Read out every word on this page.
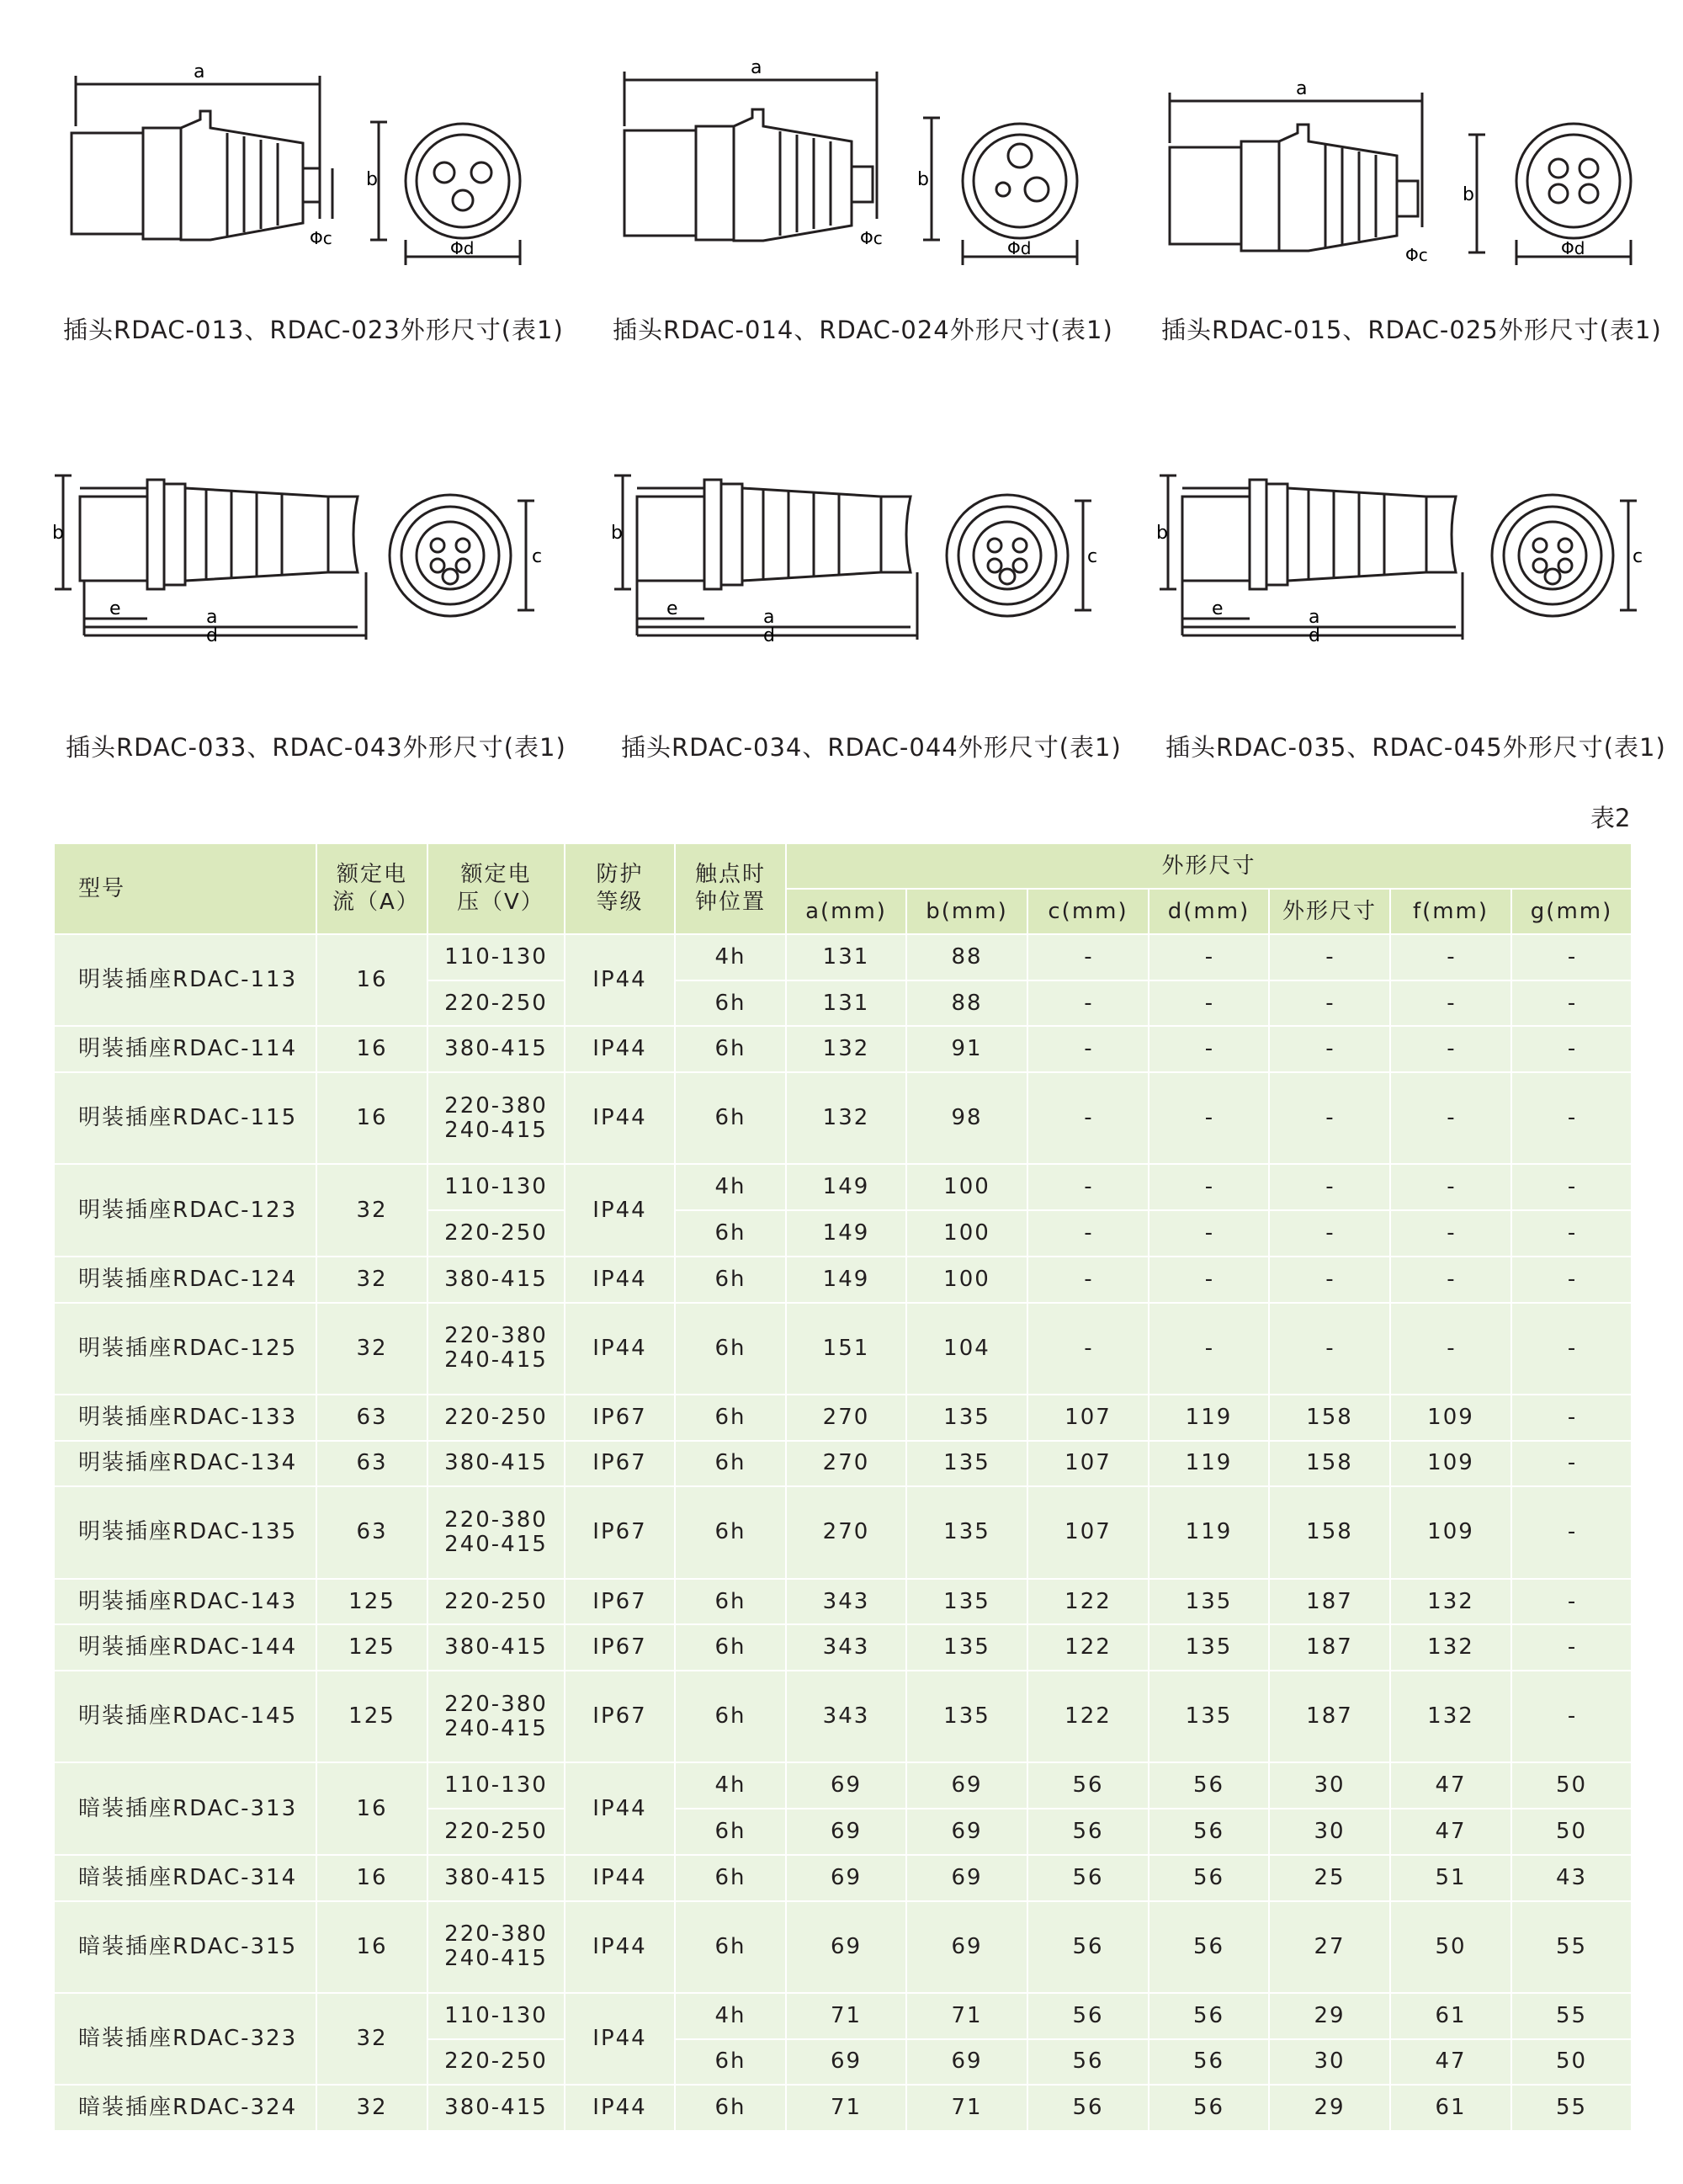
a
b
Φc	Φd
a
b
Φc	Φd
a
b
Φc	Φd
插头RDAC-013、RDAC-023外形尺寸(表1) 插头RDAC-014、RDAC-024外形尺寸(表1) 插头RDAC-015、RDAC-025外形尺寸(表1)
b
e	a
d
c
b
e	a
d
c
b
e	a
d
c
插头RDAC-033、RDAC-043外形尺寸(表1) 插头RDAC-034、RDAC-044外形尺寸(表1) 插头RDAC-035、RDAC-045外形尺寸(表1)
表2
型号	额定电流（A）	额定电压（V）	防护等级	触点时钟位置	外形尺寸						
					a(mm)	b(mm)	c(mm)	d(mm)	外形尺寸	f(mm)	g(mm)
明装插座RDAC-113	16	110-130	IP44	4h	131	88	-	-	-	-	-

		220-250		6h	131	88	-	-	-	-	-
明装插座RDAC-114	16	380-415	IP44	6h	132	91	-	-	-	-	-
明装插座RDAC-115	16	220-380
240-415	IP44	6h	132	98	-	-	-	-	-
明装插座RDAC-123	32	110-130	IP44	4h	149	100	-	-	-	-	-

		220-250		6h	149	100	-	-	-	-	-
明装插座RDAC-124	32	380-415	IP44	6h	149	100	-	-	-	-	-
明装插座RDAC-125	32	220-380
240-415	IP44	6h	151	104	-	-	-	-	-
明装插座RDAC-133	63	220-250	IP67	6h	270	135	107	119	158	109	-
明装插座RDAC-134	63	380-415	IP67	6h	270	135	107	119	158	109	-
明装插座RDAC-135	63	220-380
240-415	IP67	6h	270	135	107	119	158	109	-
明装插座RDAC-143	125	220-250	IP67	6h	343	135	122	135	187	132	-
明装插座RDAC-144	125	380-415	IP67	6h	343	135	122	135	187	132	-
明装插座RDAC-145	125	220-380
240-415	IP67	6h	343	135	122	135	187	132	-
暗装插座RDAC-313	16	110-130	IP44	4h	69	69	56	56	30	47	50

		220-250		6h	69	69	56	56	30	47	50
暗装插座RDAC-314	16	380-415	IP44	6h	69	69	56	56	25	51	43
暗装插座RDAC-315	16	220-380
240-415	IP44	6h	69	69	56	56	27	50	55
暗装插座RDAC-323	32	110-130	IP44	4h	71	71	56	56	29	61	55

		220-250		6h	69	69	56	56	30	47	50
暗装插座RDAC-324	32	380-415	IP44	6h	71	71	56	56	29	61	55
